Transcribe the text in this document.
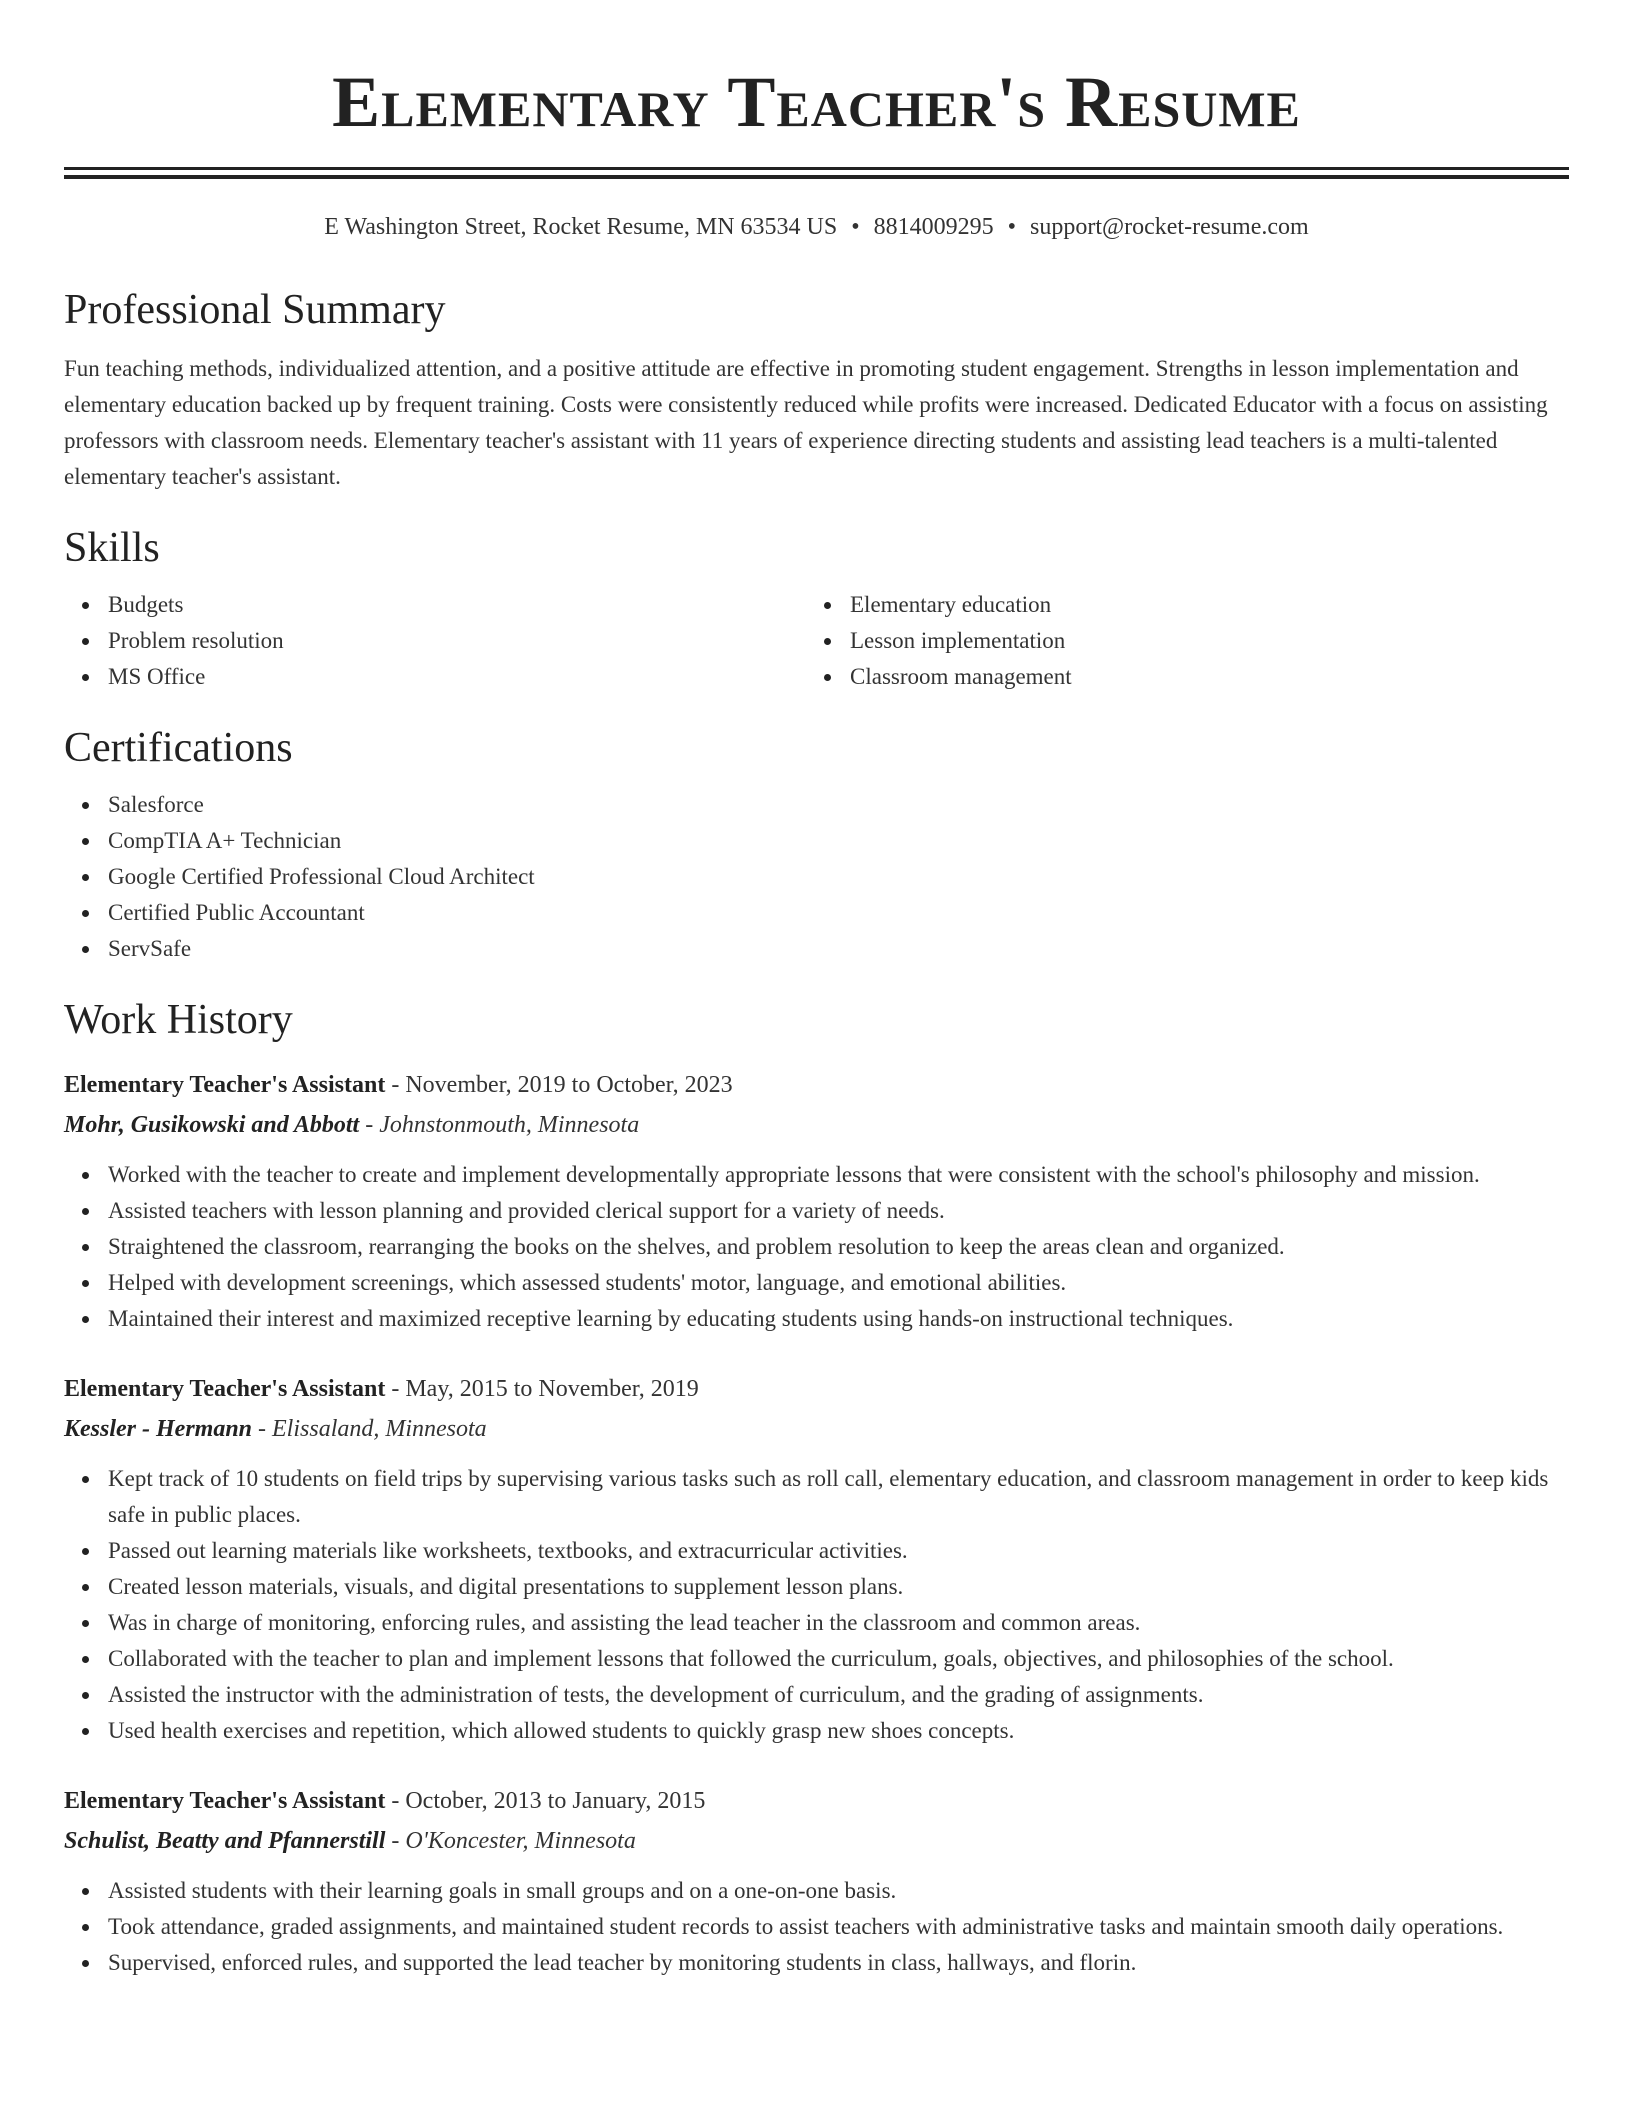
Elementary Teacher's Resume
E Washington Street, Rocket Resume, MN 63534 US • 8814009295 • support@rocket-resume.com
Professional Summary

Fun teaching methods, individualized attention, and a positive attitude are effective in promoting student engagement. Strengths in lesson implementation and elementary education backed up by frequent training. Costs were consistently reduced while profits were increased. Dedicated Educator with a focus on assisting professors with classroom needs. Elementary teacher's assistant with 11 years of experience directing students and assisting lead teachers is a multi-talented elementary teacher's assistant.

Skills
Budgets
Problem resolution
MS Office
Elementary education
Lesson implementation
Classroom management
Certifications
Salesforce
CompTIA A+ Technician
Google Certified Professional Cloud Architect
Certified Public Accountant
ServSafe
Work History
Elementary Teacher's Assistant - November, 2019 to October, 2023
Mohr, Gusikowski and Abbott - Johnstonmouth, Minnesota
Worked with the teacher to create and implement developmentally appropriate lessons that were consistent with the school's philosophy and mission.
Assisted teachers with lesson planning and provided clerical support for a variety of needs.
Straightened the classroom, rearranging the books on the shelves, and problem resolution to keep the areas clean and organized.
Helped with development screenings, which assessed students' motor, language, and emotional abilities.
Maintained their interest and maximized receptive learning by educating students using hands-on instructional techniques.
Elementary Teacher's Assistant - May, 2015 to November, 2019
Kessler - Hermann - Elissaland, Minnesota
Kept track of 10 students on field trips by supervising various tasks such as roll call, elementary education, and classroom management in order to keep kids safe in public places.
Passed out learning materials like worksheets, textbooks, and extracurricular activities.
Created lesson materials, visuals, and digital presentations to supplement lesson plans.
Was in charge of monitoring, enforcing rules, and assisting the lead teacher in the classroom and common areas.
Collaborated with the teacher to plan and implement lessons that followed the curriculum, goals, objectives, and philosophies of the school.
Assisted the instructor with the administration of tests, the development of curriculum, and the grading of assignments.
Used health exercises and repetition, which allowed students to quickly grasp new shoes concepts.
Elementary Teacher's Assistant - October, 2013 to January, 2015
Schulist, Beatty and Pfannerstill - O'Koncester, Minnesota
Assisted students with their learning goals in small groups and on a one-on-one basis.
Took attendance, graded assignments, and maintained student records to assist teachers with administrative tasks and maintain smooth daily operations.
Supervised, enforced rules, and supported the lead teacher by monitoring students in class, hallways, and florin.
